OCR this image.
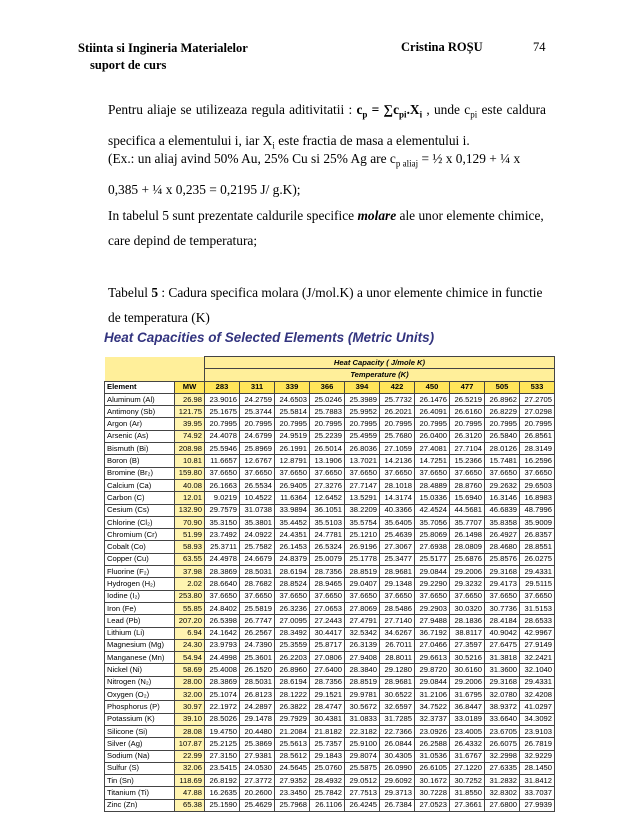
Stiinta si Ingineria Materialelor
suport de curs
Cristina ROȘU	74
Pentru aliaje se utilizeaza regula aditivitatii : $c_p = \sum c_{pi}.X_i$ , unde $c_{pi}$ este caldura specifica a elementului i, iar $X_i$ este fractia de masa a elementului i.
(Ex.: un aliaj avind 50% Au, 25% Cu si 25% Ag are $c_{p aliaj}$ = ½ x 0,129 + ¼ x 0,385 + ¼ x 0,235 = 0,2195 J/ g.K);
In tabelul 5 sunt prezentate caldurile specifice molare ale unor elemente chimice, care depind de temperatura;
Tabelul 5 : Cadura specifica molara (J/mol.K) a unor elemente chimice in functie de temperatura (K)
Heat Capacities of Selected Elements (Metric Units)
		Heat Capacity ( J/mole K)									
		Temperature (K)									
Element	MW	283	311	339	366	394	422	450	477	505	533
Aluminum (Al)	26.98	23.9016	24.2759	24.6503	25.0246	25.3989	25.7732	26.1476	26.5219	26.8962	27.2705
Antimony (Sb)	121.75	25.1675	25.3744	25.5814	25.7883	25.9952	26.2021	26.4091	26.6160	26.8229	27.0298
Argon (Ar)	39.95	20.7995	20.7995	20.7995	20.7995	20.7995	20.7995	20.7995	20.7995	20.7995	20.7995
Arsenic (As)	74.92	24.4078	24.6799	24.9519	25.2239	25.4959	25.7680	26.0400	26.3120	26.5840	26.8561
Bismuth (Bi)	208.98	25.5946	25.8969	26.1991	26.5014	26.8036	27.1059	27.4081	27.7104	28.0126	28.3149
Boron (B)	10.81	11.6657	12.6767	12.8791	13.1906	13.7021	14.2136	14.7251	15.2366	15.7481	16.2596
Bromine (Br₂)	159.80	37.6650	37.6650	37.6650	37.6650	37.6650	37.6650	37.6650	37.6650	37.6650	37.6650
Calcium (Ca)	40.08	26.1663	26.5534	26.9405	27.3276	27.7147	28.1018	28.4889	28.8760	29.2632	29.6503
Carbon (C)	12.01	9.0219	10.4522	11.6364	12.6452	13.5291	14.3174	15.0336	15.6940	16.3146	16.8983
Cesium (Cs)	132.90	29.7579	31.0738	33.9894	36.1051	38.2209	40.3366	42.4524	44.5681	46.6839	48.7996
Chlorine (Cl₂)	70.90	35.3150	35.3801	35.4452	35.5103	35.5754	35.6405	35.7056	35.7707	35.8358	35.9009
Chromium (Cr)	51.99	23.7492	24.0922	24.4351	24.7781	25.1210	25.4639	25.8069	26.1498	26.4927	26.8357
Cobalt (Co)	58.93	25.3711	25.7582	26.1453	26.5324	26.9196	27.3067	27.6938	28.0809	28.4680	28.8551
Copper (Cu)	63.55	24.4978	24.6679	24.8379	25.0079	25.1778	25.3477	25.5177	25.6876	25.8576	26.0275
Fluorine (F₂)	37.98	28.3869	28.5031	28.6194	28.7356	28.8519	28.9681	29.0844	29.2006	29.3168	29.4331
Hydrogen (H₂)	2.02	28.6640	28.7682	28.8524	28.9465	29.0407	29.1348	29.2290	29.3232	29.4173	29.5115
Iodine (I₂)	253.80	37.6650	37.6650	37.6650	37.6650	37.6650	37.6650	37.6650	37.6650	37.6650	37.6650
Iron (Fe)	55.85	24.8402	25.5819	26.3236	27.0653	27.8069	28.5486	29.2903	30.0320	30.7736	31.5153
Lead (Pb)	207.20	26.5398	26.7747	27.0095	27.2443	27.4791	27.7140	27.9488	28.1836	28.4184	28.6533
Lithium (Li)	6.94	24.1642	26.2567	28.3492	30.4417	32.5342	34.6267	36.7192	38.8117	40.9042	42.9967
Magnesium (Mg)	24.30	23.9793	24.7390	25.3559	25.8717	26.3139	26.7011	27.0466	27.3597	27.6475	27.9149
Manganese (Mn)	54.94	24.4998	25.3601	26.2203	27.0806	27.9408	28.8011	29.6613	30.5216	31.3818	32.2421
Nickel (Ni)	58.69	25.4008	26.1520	26.8960	27.6400	28.3840	29.1280	29.8720	30.6160	31.3600	32.1040
Nitrogen (N₂)	28.00	28.3869	28.5031	28.6194	28.7356	28.8519	28.9681	29.0844	29.2006	29.3168	29.4331
Oxygen (O₂)	32.00	25.1074	26.8123	28.1222	29.1521	29.9781	30.6522	31.2106	31.6795	32.0780	32.4208
Phosphorus (P)	30.97	22.1972	24.2897	26.3822	28.4747	30.5672	32.6597	34.7522	36.8447	38.9372	41.0297
Potassium (K)	39.10	28.5026	29.1478	29.7929	30.4381	31.0833	31.7285	32.3737	33.0189	33.6640	34.3092
Silicone (Si)	28.08	19.4750	20.4480	21.2084	21.8182	22.3182	22.7366	23.0926	23.4005	23.6705	23.9103
Silver (Ag)	107.87	25.2125	25.3869	25.5613	25.7357	25.9100	26.0844	26.2588	26.4332	26.6075	26.7819
Sodium (Na)	22.99	27.3150	27.9381	28.5612	29.1843	29.8074	30.4305	31.0536	31.6767	32.2998	32.9229
Sulfur (S)	32.06	23.5415	24.0530	24.5645	25.0760	25.5875	26.0990	26.6105	27.1220	27.6335	28.1450
Tin (Sn)	118.69	26.8192	27.3772	27.9352	28.4932	29.0512	29.6092	30.1672	30.7252	31.2832	31.8412
Titanium (Ti)	47.88	16.2635	20.2600	23.3450	25.7842	27.7513	29.3713	30.7228	31.8550	32.8302	33.7037
Zinc (Zn)	65.38	25.1590	25.4629	25.7968	26.1106	26.4245	26.7384	27.0523	27.3661	27.6800	27.9939
